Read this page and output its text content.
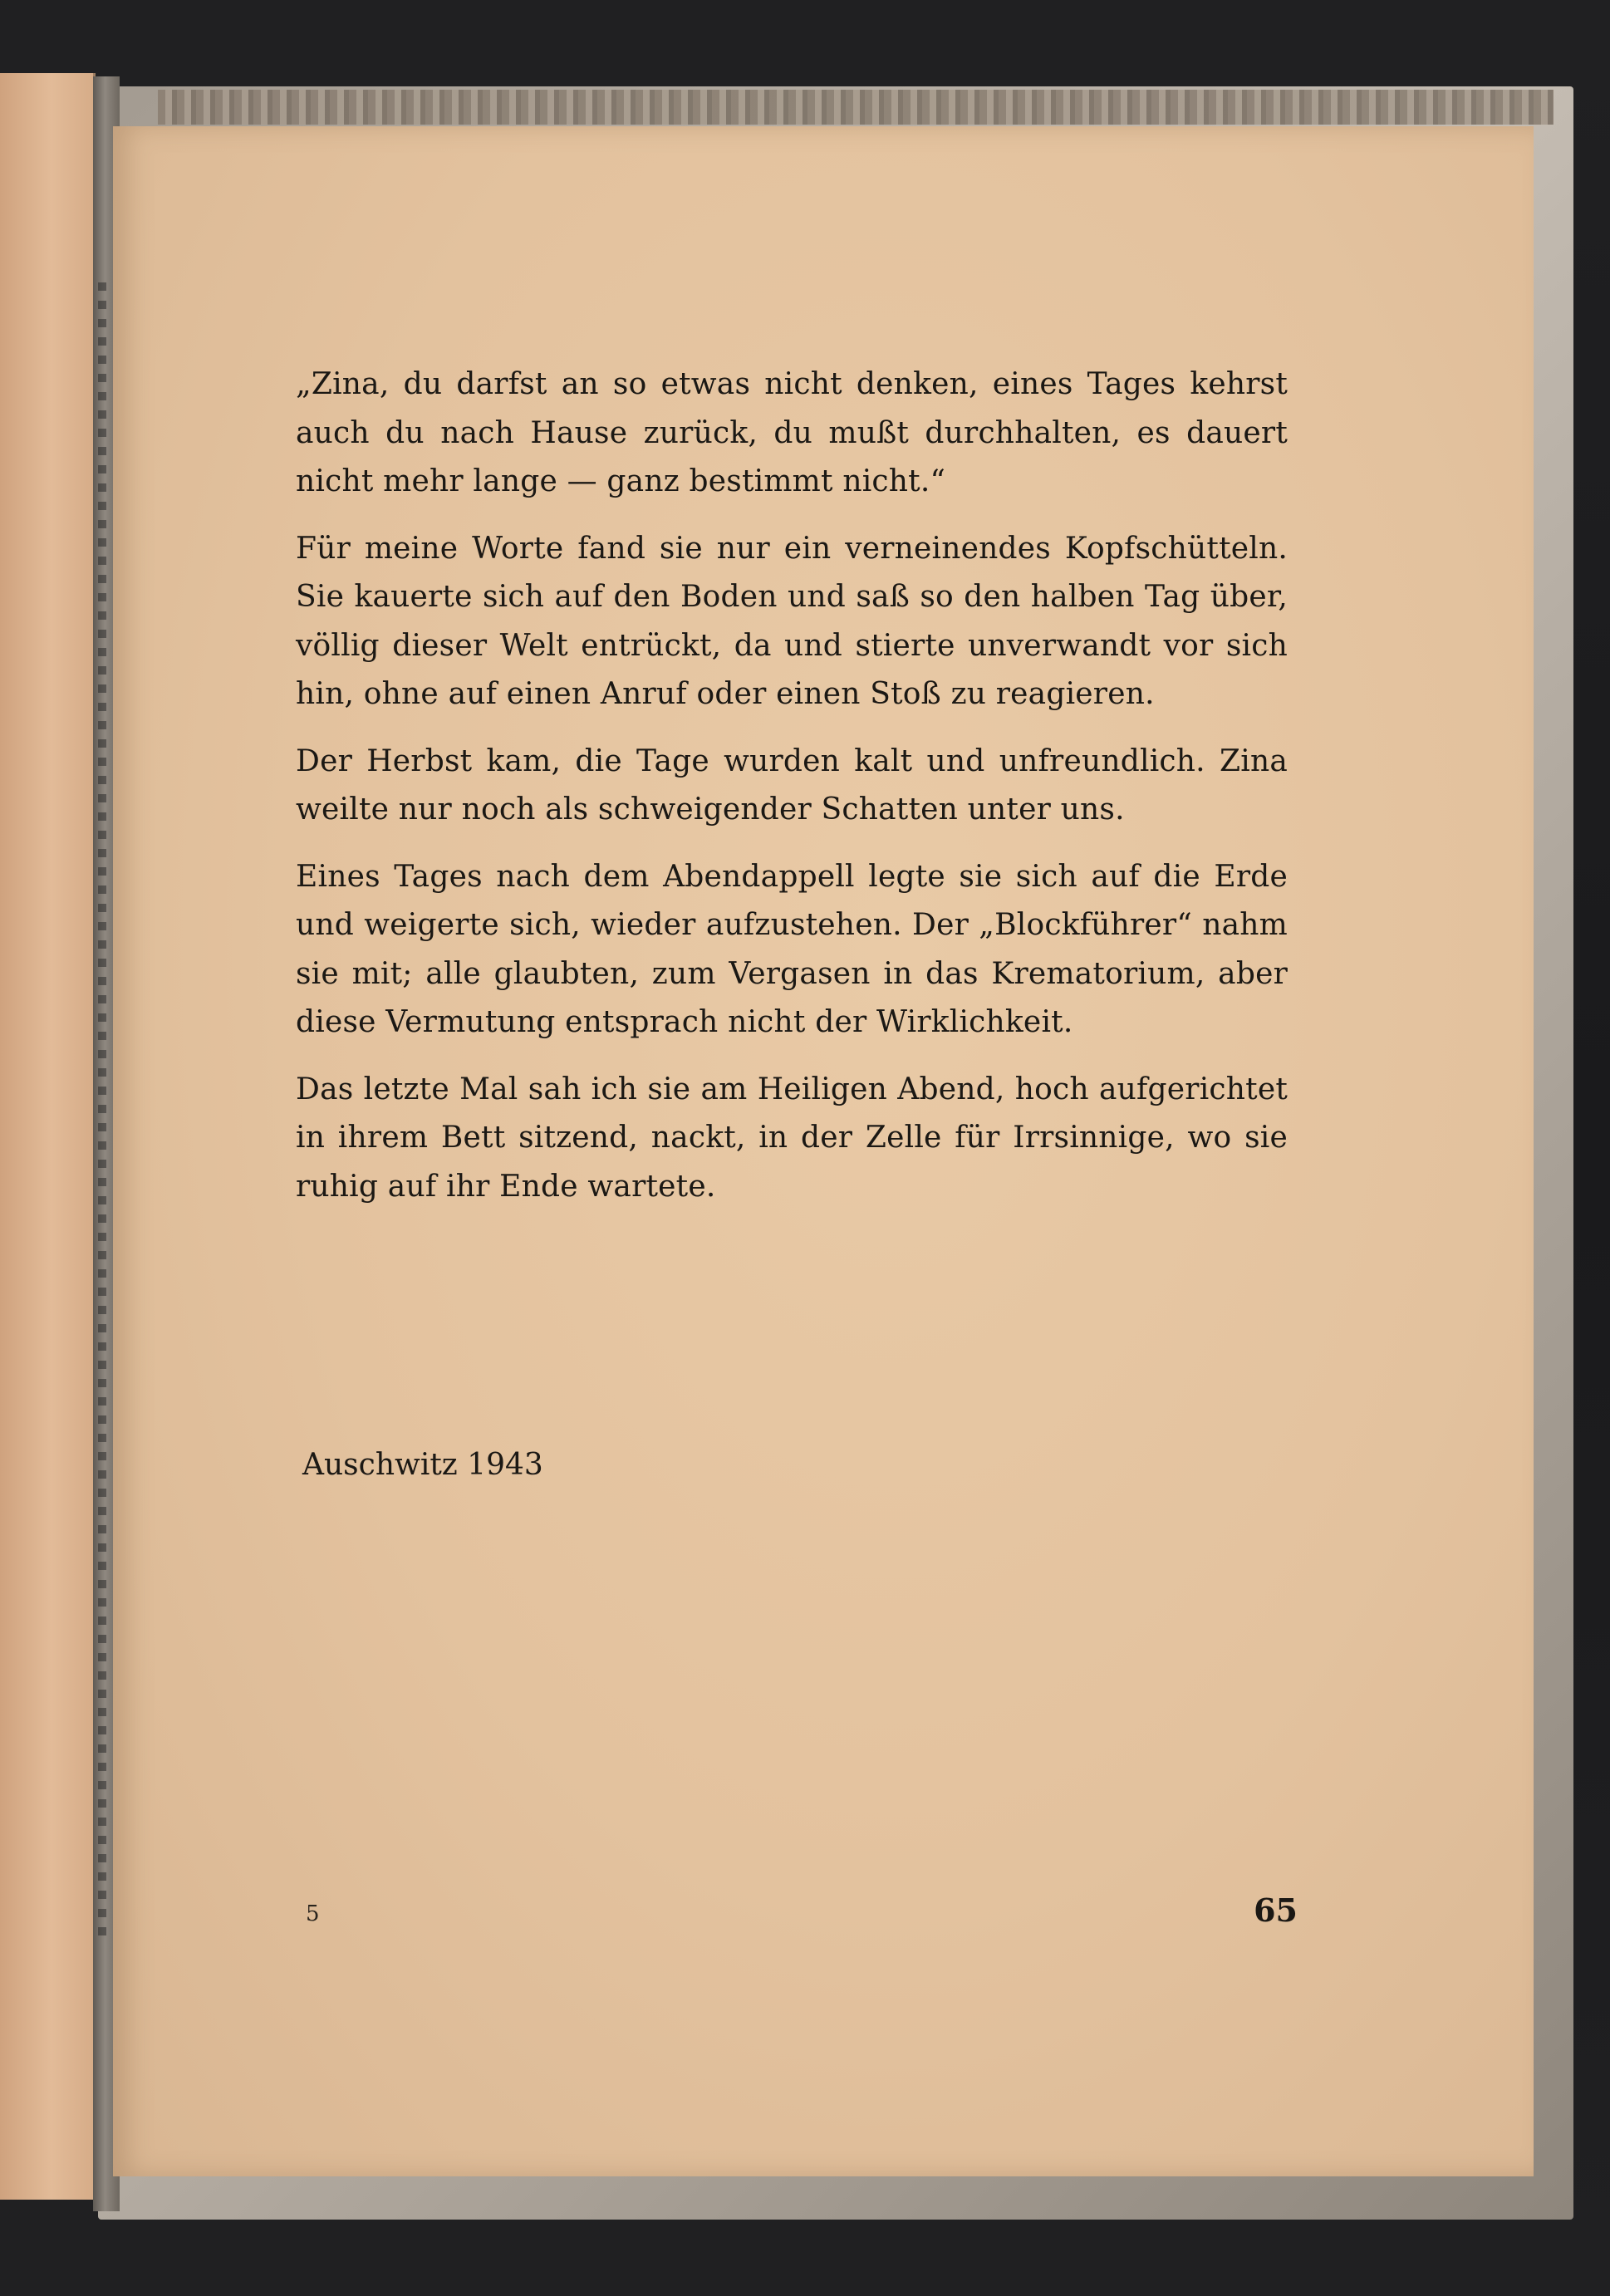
„Zina, du darfst an so etwas nicht denken, eines Tages kehrst auch du nach Hause zurück, du mußt durchhalten, es dauert nicht mehr lange — ganz bestimmt nicht.“

Für meine Worte fand sie nur ein verneinendes Kopfschütteln. Sie kauerte sich auf den Boden und saß so den halben Tag über, völlig dieser Welt entrückt, da und stierte unverwandt vor sich hin, ohne auf einen Anruf oder einen Stoß zu reagieren.

Der Herbst kam, die Tage wurden kalt und unfreundlich. Zina weilte nur noch als schweigender Schatten unter uns.

Eines Tages nach dem Abendappell legte sie sich auf die Erde und weigerte sich, wieder aufzustehen. Der „Blockführer“ nahm sie mit; alle glaubten, zum Vergasen in das Krematorium, aber diese Vermutung entsprach nicht der Wirklichkeit.

Das letzte Mal sah ich sie am Heiligen Abend, hoch aufgerichtet in ihrem Bett sitzend, nackt, in der Zelle für Irrsinnige, wo sie ruhig auf ihr Ende wartete.

Auschwitz 1943

5	65
